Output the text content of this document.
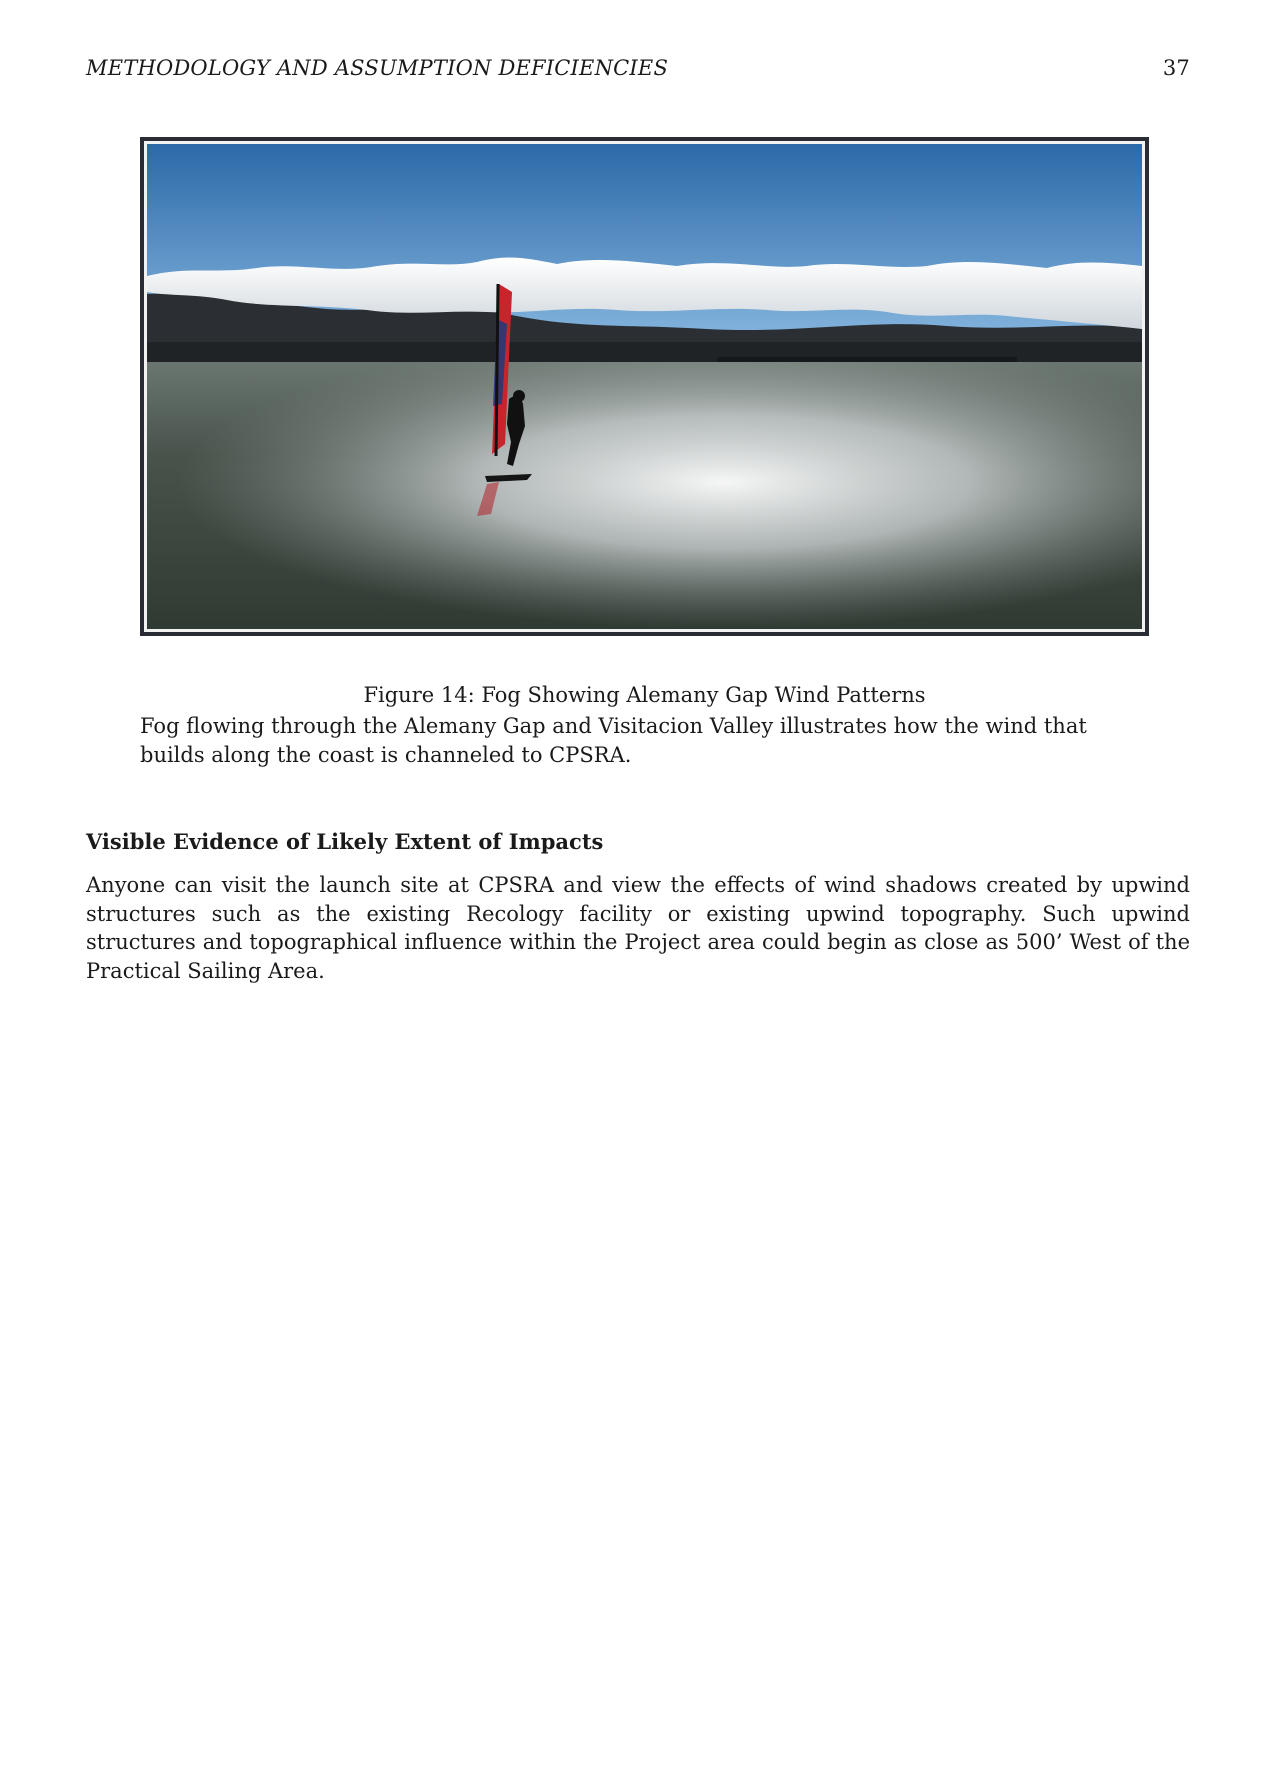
METHODOLOGY AND ASSUMPTION DEFICIENCIES	37
Figure 14: Fog Showing Alemany Gap Wind Patterns
Fog flowing through the Alemany Gap and Visitacion Valley illustrates how the wind that builds along the coast is channeled to CPSRA.
Visible Evidence of Likely Extent of Impacts
Anyone can visit the launch site at CPSRA and view the effects of wind shadows created by upwind structures such as the existing Recology facility or existing upwind topography. Such upwind structures and topographical influence within the Project area could begin as close as 500’ West of the Practical Sailing Area.
